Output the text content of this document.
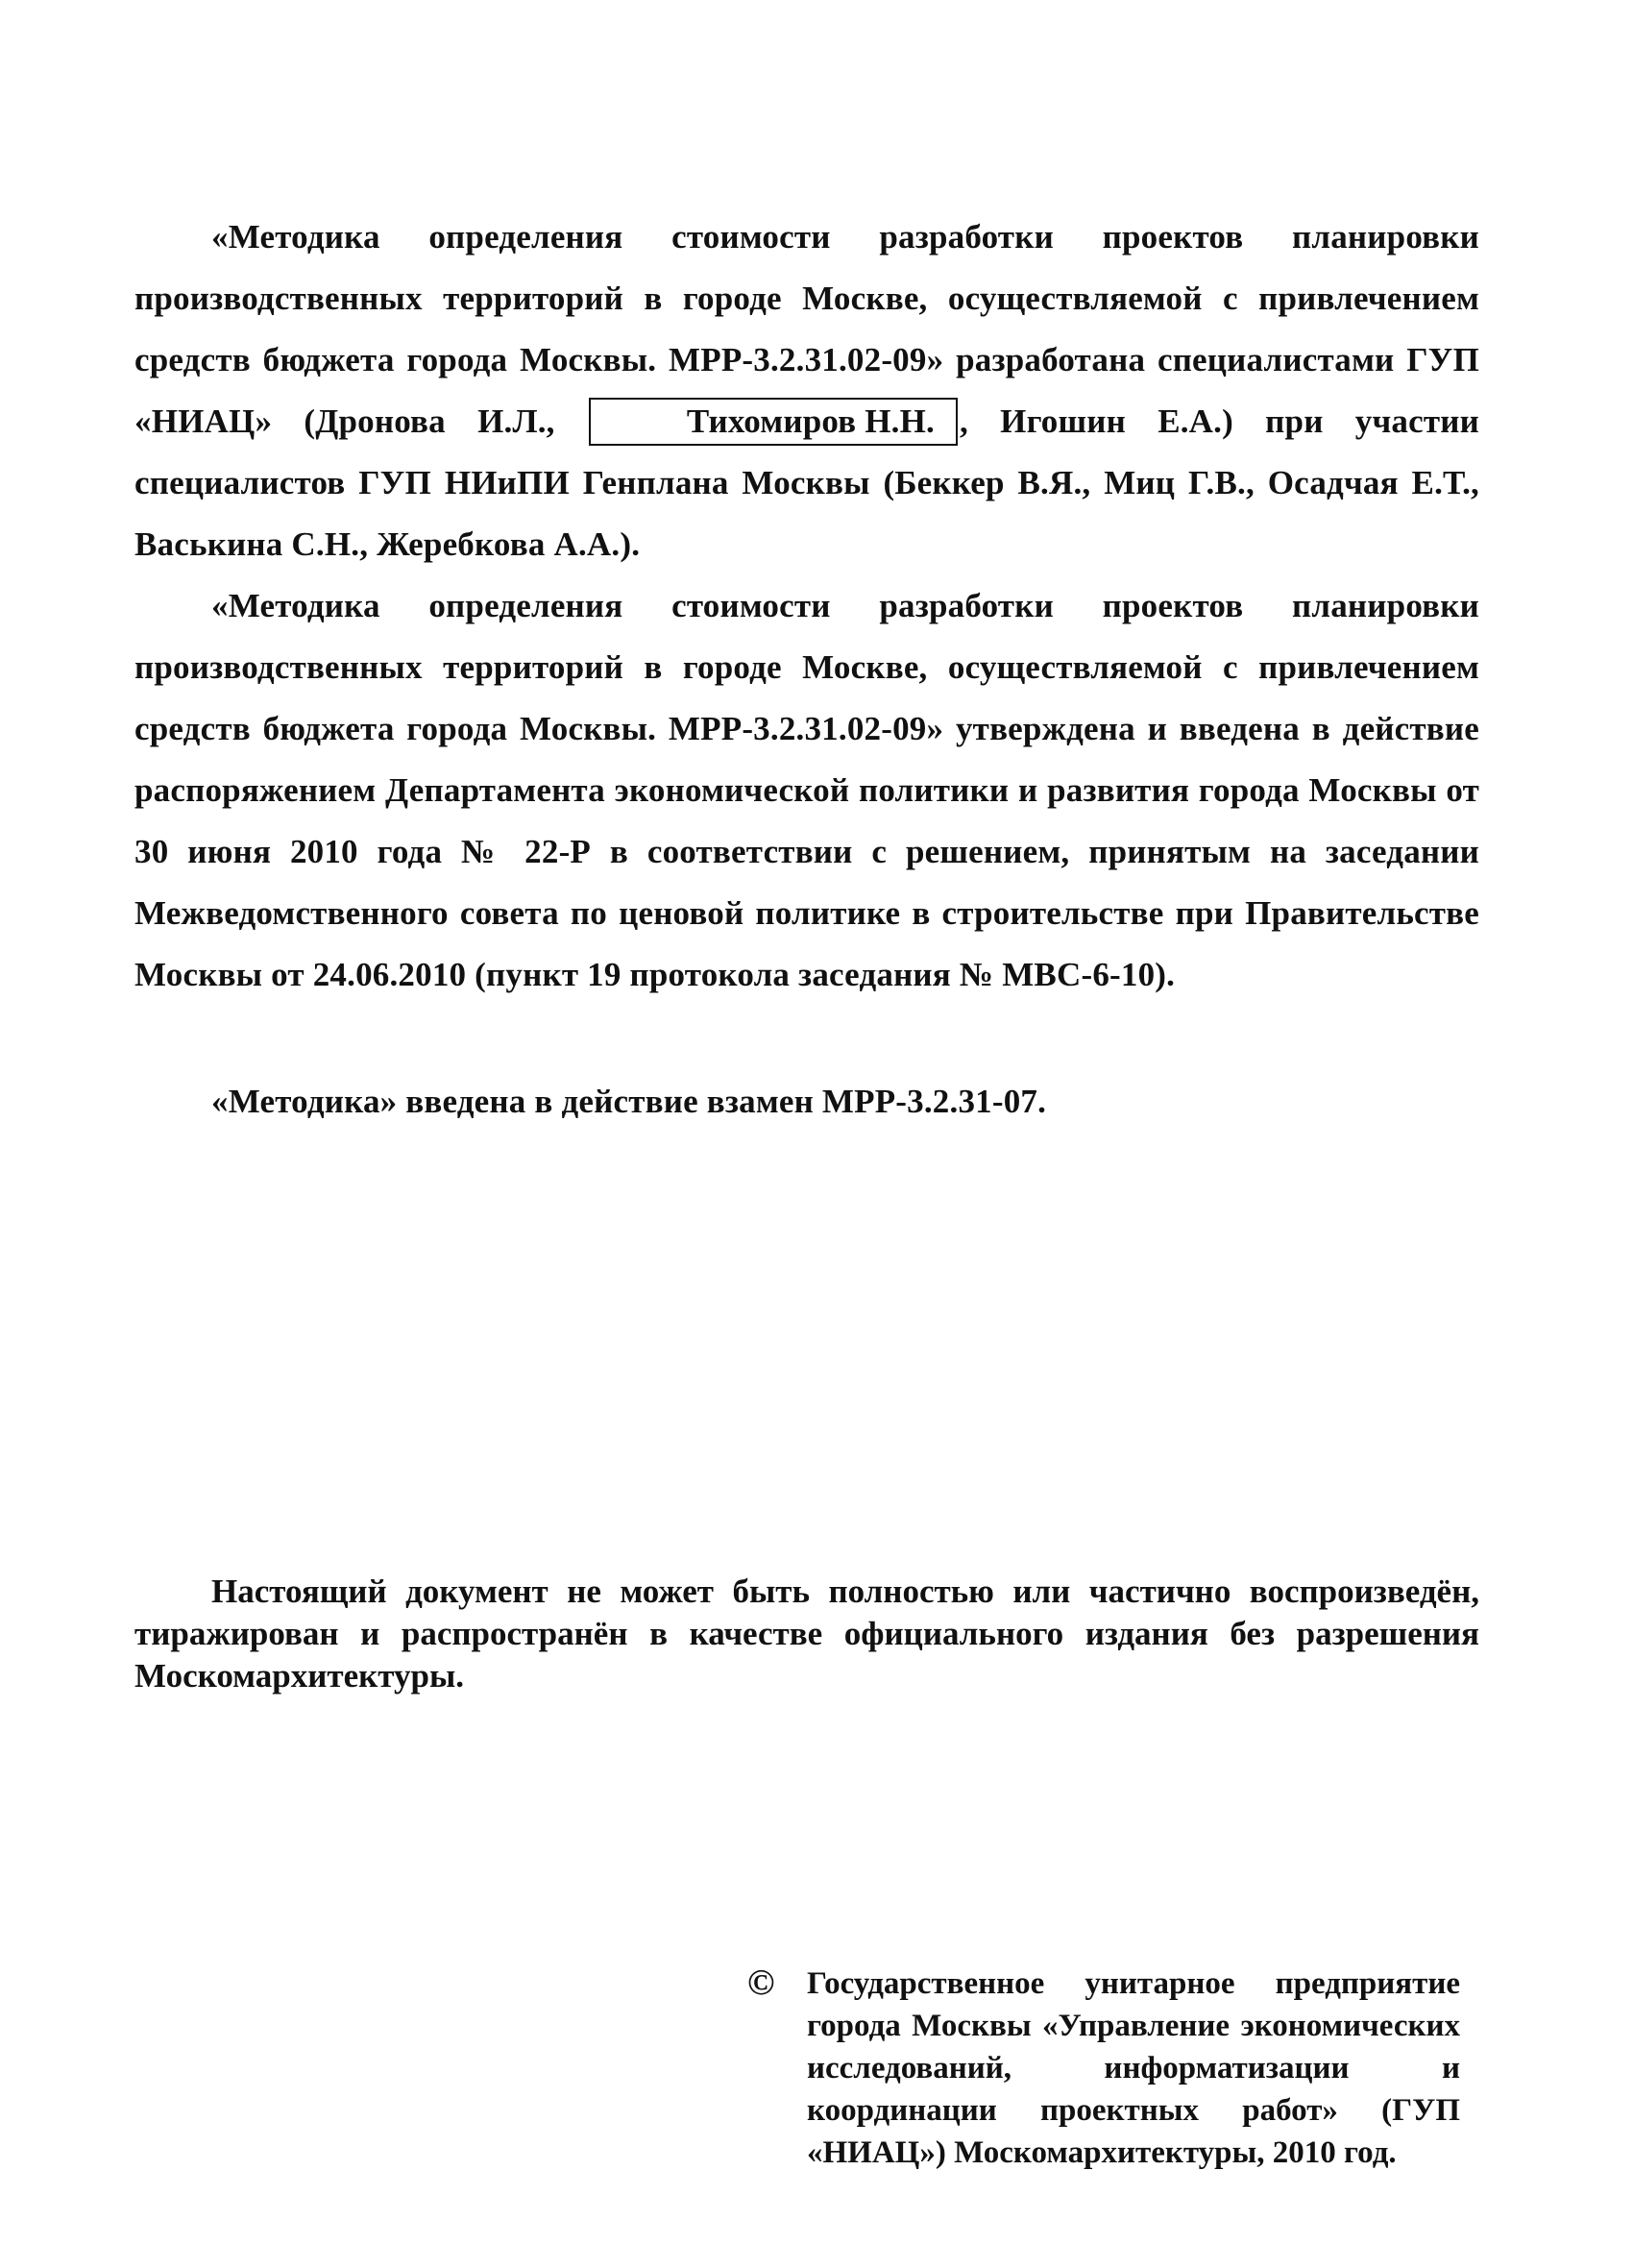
«Методика определения стоимости разработки проектов планировки производственных территорий в городе Москве, осуществляемой с привлечением средств бюджета города Москвы. МРР-3.2.31.02-09» разработана специалистами ГУП «НИАЦ» (Дронова И.Л.,	Тихомиров Н.Н. , Игошин Е.А.) при участии специалистов ГУП НИиПИ Генплана Москвы (Беккер В.Я., Миц Г.В., Осадчая Е.Т., Васькина С.Н., Жеребкова А.А.).

«Методика определения стоимости разработки проектов планировки производственных территорий в городе Москве, осуществляемой с привлечением средств бюджета города Москвы. МРР-3.2.31.02-09» утверждена и введена в действие распоряжением Департамента экономической политики и развития города Москвы от 30 июня 2010 года № 22-Р в соответствии с решением, принятым на заседании Межведомственного совета по ценовой политике в строительстве при Правительстве Москвы от 24.06.2010 (пункт 19 протокола заседания № МВС-6-10).

«Методика» введена в действие взамен МРР-3.2.31-07.

Настоящий документ не может быть полностью или частично воспроизведён, тиражирован и распространён в качестве официального издания без разрешения Москомархитектуры.

© Государственное унитарное предприятие города Москвы «Управление экономических исследований, информатизации и координации проектных работ» (ГУП «НИАЦ») Москомархитектуры, 2010 год.
